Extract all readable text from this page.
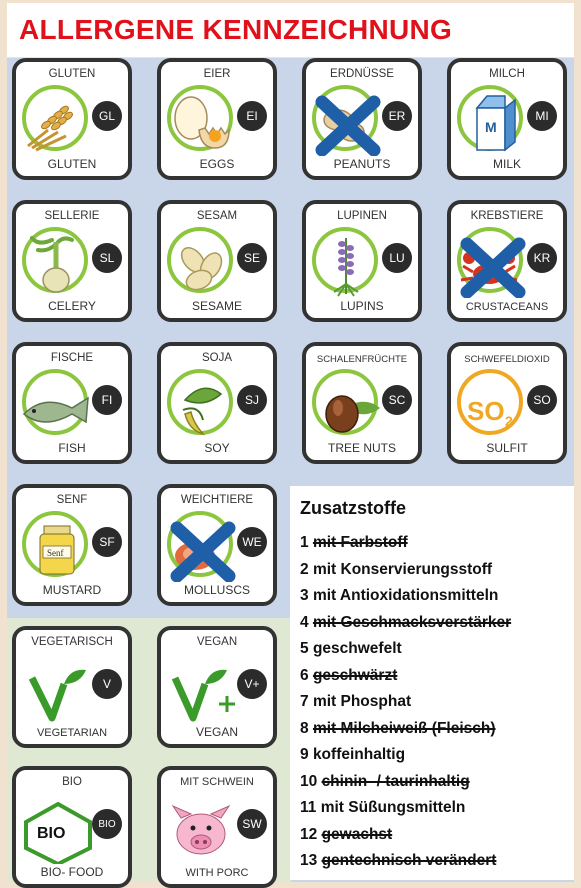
ALLERGENE KENNZEICHNUNG
GLUTEN
GL
GLUTEN
EIER
EI
EGGS
ERDNÜSSE
ER
PEANUTS
MILCH
M
MI
MILK
SELLERIE
SL
CELERY
SESAM
SE
SESAME
LUPINEN
LU
LUPINS
KREBSTIERE
KR
CRUSTACEANS
FISCHE
FI
FISH
SOJA
SJ
SOY
SCHALENFRÜCHTE
SC
TREE NUTS
SCHWEFELDIOXID
SO 2
SO
SULFIT
SENF
Senf
SF
MUSTARD
WEICHTIERE
WE
MOLLUSCS
VEGETARISCH
V
VEGETARIAN
VEGAN
V+
VEGAN
BIO
BIO
BIO
BIO- FOOD
MIT SCHWEIN
SW
WITH PORC
Zusatzstoffe
1 mit Farbstoff
2 mit Konservierungsstoff
3 mit Antioxidationsmitteln
4 mit Geschmacksverstärker
5 geschwefelt
6 geschwärzt
7 mit Phosphat
8 mit Milcheiweiß (Fleisch)
9 koffeinhaltig
10 chinin- / taurinhaltig
11 mit Süßungsmitteln
12 gewachst
13 gentechnisch verändert
